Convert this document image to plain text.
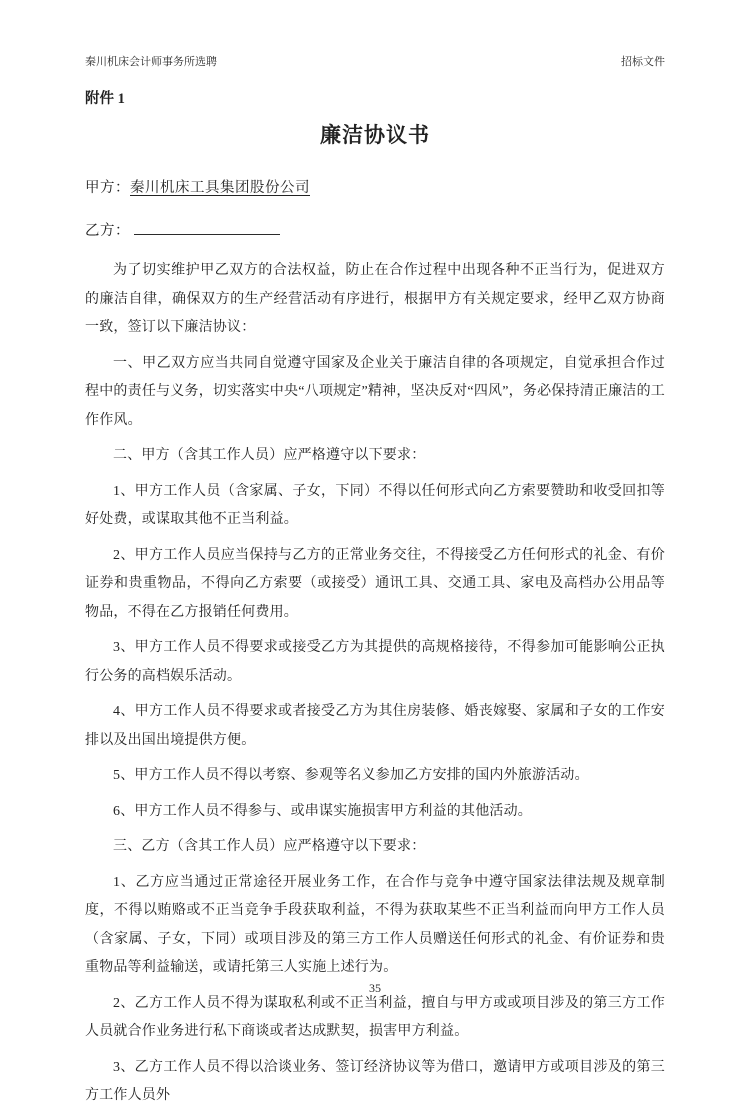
秦川机床会计师事务所选聘	招标文件
附件 1
廉洁协议书
甲方：秦川机床工具集团股份公司
乙方：

为了切实维护甲乙双方的合法权益，防止在合作过程中出现各种不正当行为，促进双方的廉洁自律，确保双方的生产经营活动有序进行，根据甲方有关规定要求，经甲乙双方协商一致，签订以下廉洁协议：

一、甲乙双方应当共同自觉遵守国家及企业关于廉洁自律的各项规定，自觉承担合作过程中的责任与义务，切实落实中央“八项规定”精神，坚决反对“四风”，务必保持清正廉洁的工作作风。

二、甲方（含其工作人员）应严格遵守以下要求：

1、甲方工作人员（含家属、子女，下同）不得以任何形式向乙方索要赞助和收受回扣等好处费，或谋取其他不正当利益。

2、甲方工作人员应当保持与乙方的正常业务交往，不得接受乙方任何形式的礼金、有价证券和贵重物品，不得向乙方索要（或接受）通讯工具、交通工具、家电及高档办公用品等物品，不得在乙方报销任何费用。

3、甲方工作人员不得要求或接受乙方为其提供的高规格接待，不得参加可能影响公正执行公务的高档娱乐活动。

4、甲方工作人员不得要求或者接受乙方为其住房装修、婚丧嫁娶、家属和子女的工作安排以及出国出境提供方便。

5、甲方工作人员不得以考察、参观等名义参加乙方安排的国内外旅游活动。

6、甲方工作人员不得参与、或串谋实施损害甲方利益的其他活动。

三、乙方（含其工作人员）应严格遵守以下要求：

1、乙方应当通过正常途径开展业务工作，在合作与竞争中遵守国家法律法规及规章制度，不得以贿赂或不正当竞争手段获取利益，不得为获取某些不正当利益而向甲方工作人员（含家属、子女，下同）或项目涉及的第三方工作人员赠送任何形式的礼金、有价证券和贵重物品等利益输送，或请托第三人实施上述行为。

2、乙方工作人员不得为谋取私利或不正当利益，擅自与甲方或或项目涉及的第三方工作人员就合作业务进行私下商谈或者达成默契，损害甲方利益。

3、乙方工作人员不得以洽谈业务、签订经济协议等为借口，邀请甲方或项目涉及的第三方工作人员外

35
